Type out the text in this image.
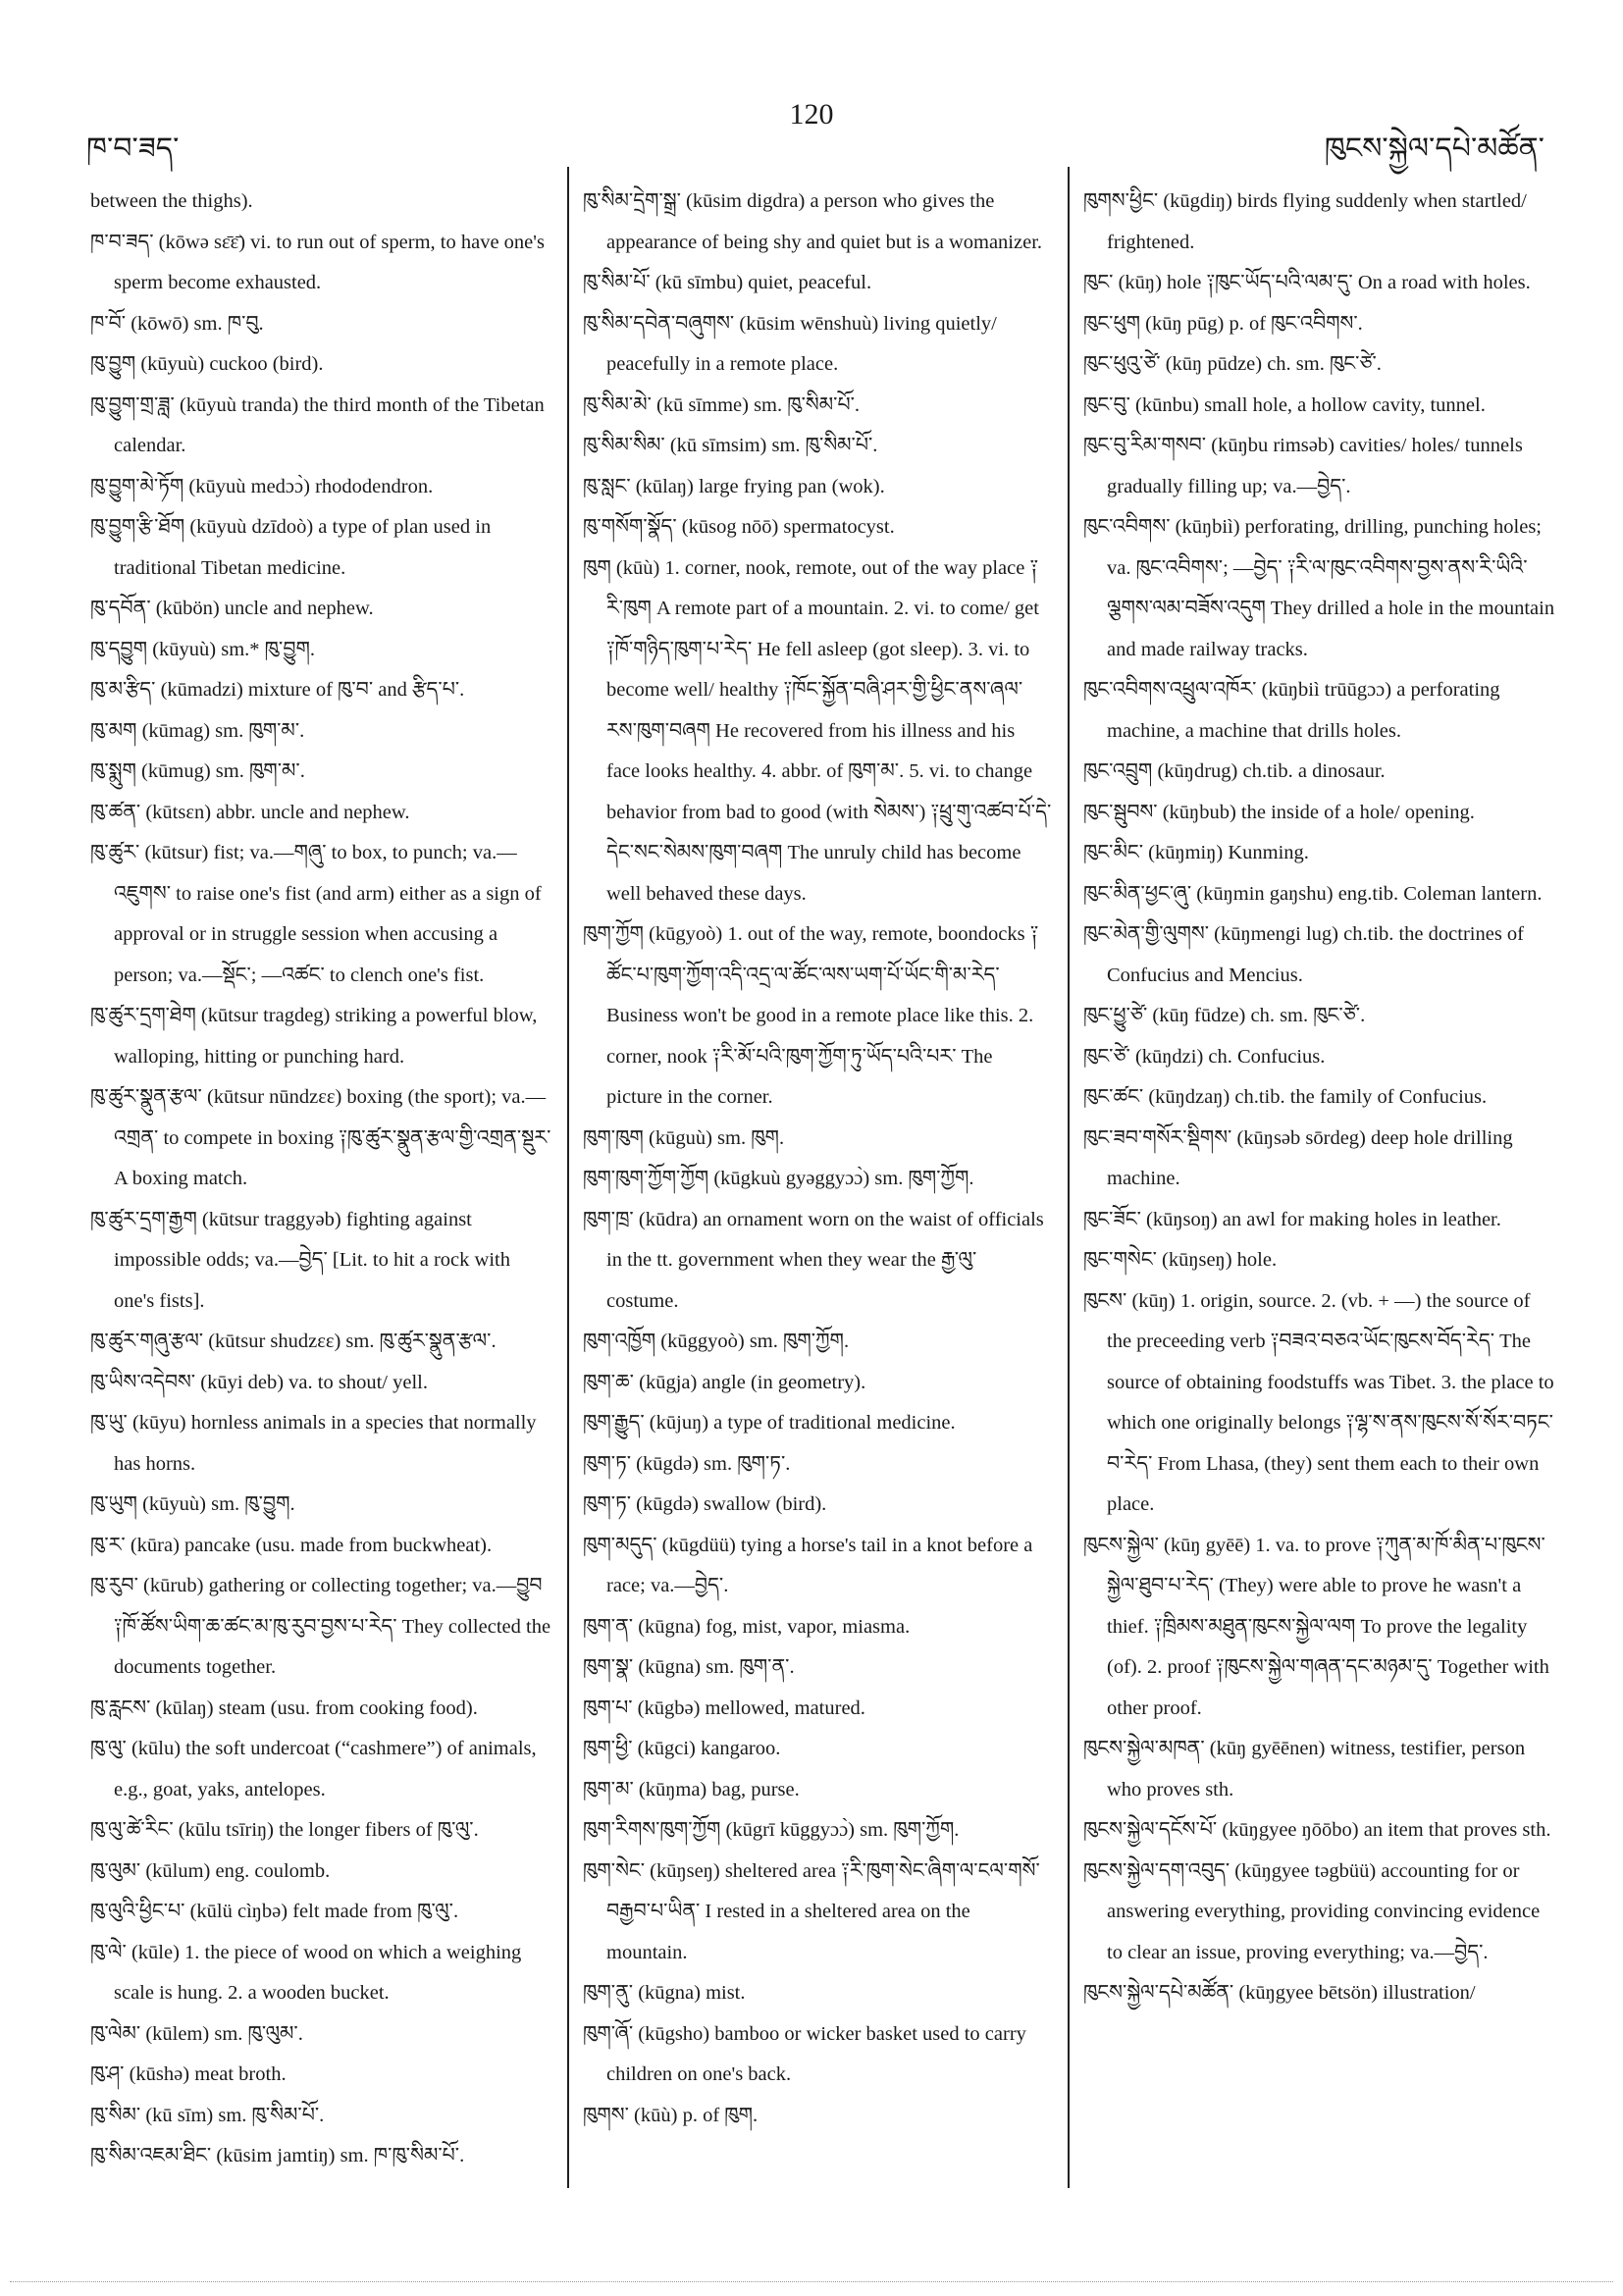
ཁ་བ་ཟད་
120
ཁུངས་སྐྱེལ་དཔེ་མཚོན་

between the thighs).

ཁ་བ་ཟད་ (kōwə sɛ̄ɛ̄) vi. to run out of sperm, to have one's sperm become exhausted.

ཁ་བོ་ (kōwō) sm. ཁ་བུ.

ཁུ་བྱུག (kūyuù) cuckoo (bird).

ཁུ་བྱུག་གྲ་ཟླ་ (kūyuù tranda) the third month of the Tibetan calendar.

ཁུ་བྱུག་མེ་ཏོག (kūyuù medɔɔ̀) rhododendron.

ཁུ་བྱུག་རྩི་ཐོག (kūyuù dzīdoò) a type of plan used in traditional Tibetan medicine.

ཁུ་དབོན་ (kūbön) uncle and nephew.

ཁུ་དབྱུག (kūyuù) sm.* ཁུ་བྱུག.

ཁུ་མ་རྩིད་ (kūmadzi) mixture of ཁུ་བ་ and རྩིད་པ་.

ཁུ་མག (kūmag) sm. ཁུག་མ་.

ཁུ་སྨུག (kūmug) sm. ཁུག་མ་.

ཁུ་ཚན་ (kūtsɛn) abbr. uncle and nephew.

ཁུ་ཚུར་ (kūtsur) fist; va.—གཞུ་ to box, to punch; va.—འཇུགས་ to raise one's fist (and arm) either as a sign of approval or in struggle session when accusing a person; va.—སྡོང་; —འཚང་ to clench one's fist.

ཁུ་ཚུར་དྲག་ཐེག (kūtsur tragdeg) striking a powerful blow, walloping, hitting or punching hard.

ཁུ་ཚུར་སྣུན་རྩལ་ (kūtsur nūndzɛɛ) boxing (the sport); va.—འགྲན་ to compete in boxing ༑ཁུ་ཚུར་སྣུན་རྩལ་གྱི་འགྲན་སྡུར་ A boxing match.

ཁུ་ཚུར་དྲག་རྒྱག (kūtsur traggyəb) fighting against impossible odds; va.—བྱེད་ [Lit. to hit a rock with one's fists].

ཁུ་ཚུར་གཞུ་རྩལ་ (kūtsur shudzɛɛ) sm. ཁུ་ཚུར་སྣུན་རྩལ་.

ཁུ་ཡིས་འདེབས་ (kūyi deb) va. to shout/ yell.

ཁུ་ཡུ་ (kūyu) hornless animals in a species that normally has horns.

ཁུ་ཡུག (kūyuù) sm. ཁུ་བྱུག.

ཁུ་ར་ (kūra) pancake (usu. made from buckwheat).

ཁུ་རུབ་ (kūrub) gathering or collecting together; va.—བྱུབ ༑ཁོ་ཚོས་ཡིག་ཆ་ཚང་མ་ཁུ་རུབ་བྱས་པ་རེད་ They collected the documents together.

ཁུ་རླངས་ (kūlaŋ) steam (usu. from cooking food).

ཁུ་ལུ་ (kūlu) the soft undercoat (“cashmere”) of animals, e.g., goat, yaks, antelopes.

ཁུ་ལུ་ཚེ་རིང་ (kūlu tsīriŋ) the longer fibers of ཁུ་ལུ་.

ཁུ་ལུམ་ (kūlum) eng. coulomb.

ཁུ་ལུའི་ཕྱིང་པ་ (kūlü cìŋbə) felt made from ཁུ་ལུ་.

ཁུ་ལེ་ (kūle) 1. the piece of wood on which a weighing scale is hung. 2. a wooden bucket.

ཁུ་ལེམ་ (kūlem) sm. ཁུ་ལུམ་.

ཁུ་ཤ་ (kūshə) meat broth.

ཁུ་སིམ་ (kū sīm) sm. ཁུ་སིམ་པོ་.

ཁུ་སིམ་འཇམ་ཐིང་ (kūsim jamtiŋ) sm. ཁ་ཁུ་སིམ་པོ་.

ཁུ་སིམ་དྲེག་སྒྲ་ (kūsim digdra) a person who gives the appearance of being shy and quiet but is a womanizer.

ཁུ་སིམ་པོ་ (kū sīmbu) quiet, peaceful.

ཁུ་སིམ་དབེན་བཞུགས་ (kūsim wēnshuù) living quietly/ peacefully in a remote place.

ཁུ་སིམ་མེ་ (kū sīmme) sm. ཁུ་སིམ་པོ་.

ཁུ་སིམ་སིམ་ (kū sīmsim) sm. ཁུ་སིམ་པོ་.

ཁུ་སླང་ (kūlaŋ) large frying pan (wok).

ཁུ་གསོག་སྣོད་ (kūsog nōō) spermatocyst.

ཁུག (kūù) 1. corner, nook, remote, out of the way place ༑རི་ཁུག A remote part of a mountain. 2. vi. to come/ get ༑ཁོ་གཉིད་ཁུག་པ་རེད་ He fell asleep (got sleep). 3. vi. to become well/ healthy ༑ཁོང་སྐྱོན་བཞི་ཤར་གྱི་ཕྱིང་ནས་ཞལ་རས་ཁུག་བཞག He recovered from his illness and his face looks healthy. 4. abbr. of ཁུག་མ་. 5. vi. to change behavior from bad to good (with སེམས་) ༑ཕྲུ་གུ་འཚབ་པོ་དེ་དེང་སང་སེམས་ཁུག་བཞག The unruly child has become well behaved these days.

ཁུག་ཀྱོག (kūgyoò) 1. out of the way, remote, boondocks ༑ཚོང་པ་ཁུག་ཀྱོག་འདི་འདྲ་ལ་ཚོང་ལས་ཡག་པོ་ཡོང་གི་མ་རེད་ Business won't be good in a remote place like this. 2. corner, nook ༑རི་མོ་པའི་ཁུག་ཀྱོག་ཏུ་ཡོད་པའི་པར་ The picture in the corner.

ཁུག་ཁུག (kūguù) sm. ཁུག.

ཁུག་ཁུག་ཀྱོག་ཀྱོག (kūgkuù gyəggyɔɔ̀) sm. ཁུག་ཀྱོག.

ཁུག་ཁྲ་ (kūdra) an ornament worn on the waist of officials in the tt. government when they wear the རྒྱ་ལུ་ costume.

ཁུག་འཁྱོག (kūggyoò) sm. ཁུག་ཀྱོག.

ཁུག་ཆ་ (kūgja) angle (in geometry).

ཁུག་རྒྱུད་ (kūjuŋ) a type of traditional medicine.

ཁུག་ཏ་ (kūgdə) sm. ཁུག་ཏ་.

ཁུག་ཏ་ (kūgdə) swallow (bird).

ཁུག་མདུད་ (kūgdüü) tying a horse's tail in a knot before a race; va.—བྱེད་.

ཁུག་ན་ (kūgna) fog, mist, vapor, miasma.

ཁུག་སྣ་ (kūgna) sm. ཁུག་ན་.

ཁུག་པ་ (kūgbə) mellowed, matured.

ཁུག་ཕྱི་ (kūgci) kangaroo.

ཁུག་མ་ (kūŋma) bag, purse.

ཁུག་རིགས་ཁུག་ཀྱོག (kūgrī kūggyɔɔ̀) sm. ཁུག་ཀྱོག.

ཁུག་སེང་ (kūŋseŋ) sheltered area ༑རི་ཁུག་སེང་ཞིག་ལ་ངལ་གསོ་བརྒྱབ་པ་ཡིན་ I rested in a sheltered area on the mountain.

ཁུག་ནུ་ (kūgna) mist.

ཁུག་ཞོ་ (kūgsho) bamboo or wicker basket used to carry children on one's back.

ཁུགས་ (kūù) p. of ཁུག.

ཁུགས་ཕྱིང་ (kūgdiŋ) birds flying suddenly when startled/ frightened.

ཁུང་ (kūŋ) hole ༑ཁུང་ཡོད་པའི་ལམ་དུ་ On a road with holes.

ཁུང་ཕུག (kūŋ pūg) p. of ཁུང་འབིགས་.

ཁུང་ཕུའུ་ཙེ་ (kūŋ pūdze) ch. sm. ཁུང་ཙེ་.

ཁུང་བུ་ (kūnbu) small hole, a hollow cavity, tunnel.

ཁུང་བུ་རིམ་གསབ་ (kūŋbu rimsəb) cavities/ holes/ tunnels gradually filling up; va.—བྱེད་.

ཁུང་འབིགས་ (kūŋbiì) perforating, drilling, punching holes; va. ཁུང་འབིགས་; —བྱེད་ ༑རི་ལ་ཁུང་འབིགས་བྱས་ནས་རི་ཡིའི་ལྕགས་ལམ་བཟོས་འདུག They drilled a hole in the mountain and made railway tracks.

ཁུང་འབིགས་འཕྲུལ་འཁོར་ (kūŋbiì trūūgɔɔ) a perforating machine, a machine that drills holes.

ཁུང་འབྲུག (kūŋdrug) ch.tib. a dinosaur.

ཁུང་སྦུབས་ (kūŋbub) the inside of a hole/ opening.

ཁུང་མིང་ (kūŋmiŋ) Kunming.

ཁུང་མིན་ཕྱང་ཞུ་ (kūŋmin gaŋshu) eng.tib. Coleman lantern.

ཁུང་མེན་གྱི་ལུགས་ (kūŋmengi lug) ch.tib. the doctrines of Confucius and Mencius.

ཁུང་ཕྱུ་ཙེ་ (kūŋ fūdze) ch. sm. ཁུང་ཙེ་.

ཁུང་ཙེ་ (kūŋdzi) ch. Confucius.

ཁུང་ཚང་ (kūŋdzaŋ) ch.tib. the family of Confucius.

ཁུང་ཟབ་གསོར་སྡིགས་ (kūŋsəb sōrdeg) deep hole drilling machine.

ཁུང་ཟོང་ (kūŋsoŋ) an awl for making holes in leather.

ཁུང་གསེང་ (kūŋseŋ) hole.

ཁུངས་ (kūŋ) 1. origin, source. 2. (vb. + —) the source of the preceeding verb ༑བཟའ་བཅའ་ཡོང་ཁུངས་བོད་རེད་ The source of obtaining foodstuffs was Tibet. 3. the place to which one originally belongs ༑ལྷ་ས་ནས་ཁུངས་སོ་སོར་བཏང་བ་རེད་ From Lhasa, (they) sent them each to their own place.

ཁུངས་སྐྱེལ་ (kūŋ gyēē) 1. va. to prove ༑ཀུན་མ་ཁོ་མིན་པ་ཁུངས་སྐྱེལ་ཐུབ་པ་རེད་ (They) were able to prove he wasn't a thief. ༑ཁྲིམས་མཐུན་ཁུངས་སྐྱེལ་ལག To prove the legality (of). 2. proof ༑ཁུངས་སྐྱེལ་གཞན་དང་མཉམ་དུ་ Together with other proof.

ཁུངས་སྐྱེལ་མཁན་ (kūŋ gyēēnen) witness, testifier, person who proves sth.

ཁུངས་སྐྱེལ་དངོས་པོ་ (kūŋgyee ŋōōbo) an item that proves sth.

ཁུངས་སྐྱེལ་དག་འབུད་ (kūŋgyee təgbüü) accounting for or answering everything, providing convincing evidence to clear an issue, proving everything; va.—བྱེད་.

ཁུངས་སྐྱེལ་དཔེ་མཚོན་ (kūŋgyee bētsön) illustration/
